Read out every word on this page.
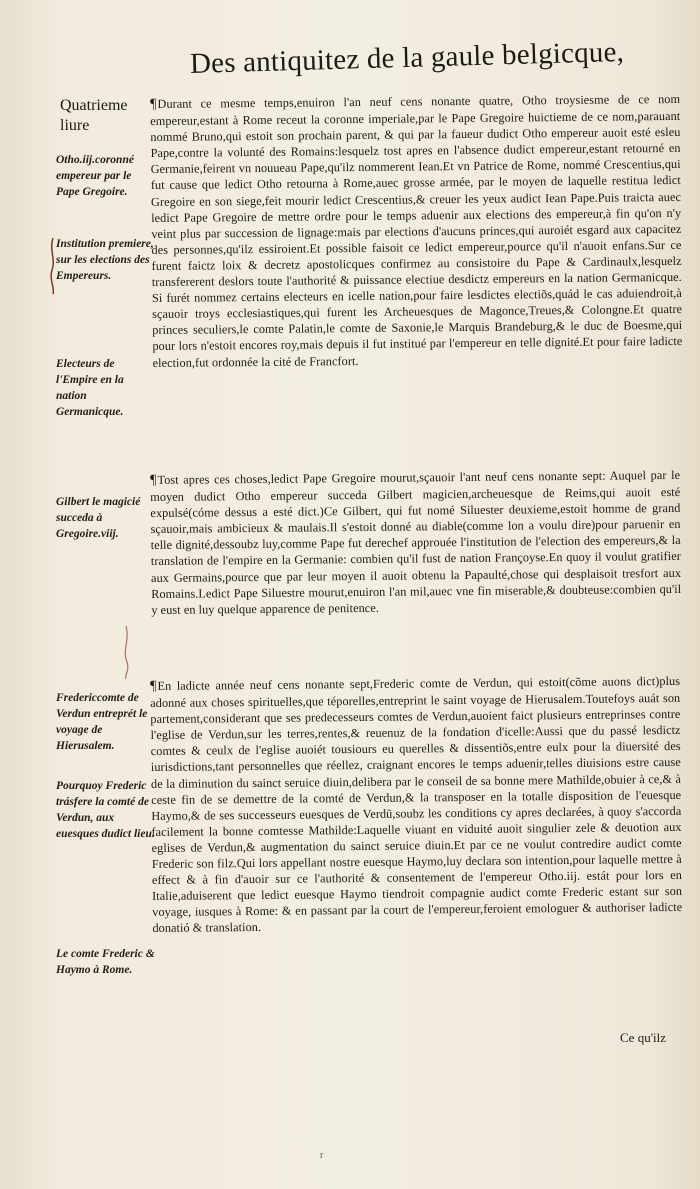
Des antiquitez de la gaule belgicque,
Quatrieme liure
Otho.iij.coronné empereur par le Pape Gregoire.
Institution premiere, sur les elections des Empereurs.
Electeurs de l'Empire en la nation Germanicque.
Gilbert le magicié succeda à Gregoire.viij.
Fredericcomte de Verdun entreprét le voyage de Hierusalem.
Pourquoy Frederic trásfere la comté de Verdun, aux euesques dudict lieu.
Le comte Frederic & Haymo à Rome.
¶Durant ce mesme temps,enuiron l'an neuf cens nonante quatre, Otho troysiesme de ce nom empereur,estant à Rome receut la coronne imperiale,par le Pape Gregoire huictieme de ce nom,parauant nommé Bruno,qui estoit son prochain parent, & qui par la faueur dudict Otho empereur auoit esté esleu Pape,contre la volunté des Romains:lesquelz tost apres en l'absence dudict empereur,estant retourné en Germanie,feirent vn nouueau Pape,qu'ilz nommerent Iean.Et vn Patrice de Rome, nommé Crescentius,qui fut cause que ledict Otho retourna à Rome,auec grosse armée, par le moyen de laquelle restitua ledict Gregoire en son siege,feit mourir ledict Crescentius,& creuer les yeux audict Iean Pape.Puis traicta auec ledict Pape Gregoire de mettre ordre pour le temps aduenir aux elections des empereur,à fin qu'on n'y veint plus par succession de lignage:mais par elections d'aucuns princes,qui auroiét esgard aux capacitez des personnes,qu'ilz essiroient.Et possible faisoit ce ledict empereur,pource qu'il n'auoit enfans.Sur ce furent faictz loix & decretz apostolicques confirmez au consistoire du Pape & Cardinaulx,lesquelz transfererent deslors toute l'authorité & puissance electiue desdictz empereurs en la nation Germanicque. Si furét nommez certains electeurs en icelle nation,pour faire lesdictes electiõs,quád le cas aduiendroit,à sçauoir troys ecclesiastiques,qui furent les Archeuesques de Magonce,Treues,& Colongne.Et quatre princes seculiers,le comte Palatin,le comte de Saxonie,le Marquis Brandeburg,& le duc de Boesme,qui pour lors n'estoit encores roy,mais depuis il fut institué par l'empereur en telle dignité.Et pour faire ladicte election,fut ordonnée la cité de Francfort.
¶Tost apres ces choses,ledict Pape Gregoire mourut,sçauoir l'ant neuf cens nonante sept: Auquel par le moyen dudict Otho empereur succeda Gilbert magicien,archeuesque de Reims,qui auoit esté expulsé(cóme dessus a esté dict.)Ce Gilbert, qui fut nomé Siluester deuxieme,estoit homme de grand sçauoir,mais ambicieux & maulais.Il s'estoit donné au diable(comme lon a voulu dire)pour paruenir en telle dignité,dessoubz luy,comme Pape fut derechef approuée l'institution de l'election des empereurs,& la translation de l'empire en la Germanie: combien qu'il fust de nation Françoyse.En quoy il voulut gratifier aux Germains,pource que par leur moyen il auoit obtenu la Papaulté,chose qui desplaisoit tresfort aux Romains.Ledict Pape Siluestre mourut,enuiron l'an mil,auec vne fin miserable,& doubteuse:combien qu'il y eust en luy quelque apparence de penitence.
¶En ladicte année neuf cens nonante sept,Frederic comte de Verdun, qui estoit(cõme auons dict)plus adonné aux choses spirituelles,que téporelles,entreprint le saint voyage de Hierusalem.Toutefoys auát son partement,considerant que ses predecesseurs comtes de Verdun,auoient faict plusieurs entreprinses contre l'eglise de Verdun,sur les terres,rentes,& reuenuz de la fondation d'icelle:Aussi que du passé lesdictz comtes & ceulx de l'eglise auoiét tousiours eu querelles & dissentiõs,entre eulx pour la diuersité des iurisdictions,tant personnelles que réellez, craignant encores le temps aduenir,telles diuisions estre cause de la diminution du sainct seruice diuin,delibera par le conseil de sa bonne mere Mathilde,obuier à ce,& à ceste fin de se demettre de la comté de Verdun,& la transposer en la totalle disposition de l'euesque Haymo,& de ses successeurs euesques de Verdũ,soubz les conditions cy apres declarées, à quoy s'accorda facilement la bonne comtesse Mathilde:Laquelle viuant en viduité auoit singulier zele & deuotion aux eglises de Verdun,& augmentation du sainct seruice diuin.Et par ce ne voulut contredire audict comte Frederic son filz.Qui lors appellant nostre euesque Haymo,luy declara son intention,pour laquelle mettre à effect & à fin d'auoir sur ce l'authorité & consentement de l'empereur Otho.iij. estát pour lors en Italie,aduiserent que ledict euesque Haymo tiendroit compagnie audict comte Frederic estant sur son voyage, iusques à Rome: & en passant par la court de l'empereur,feroient emologuer & authoriser ladicte donatió & translation.
Ce qu'ilz
r
